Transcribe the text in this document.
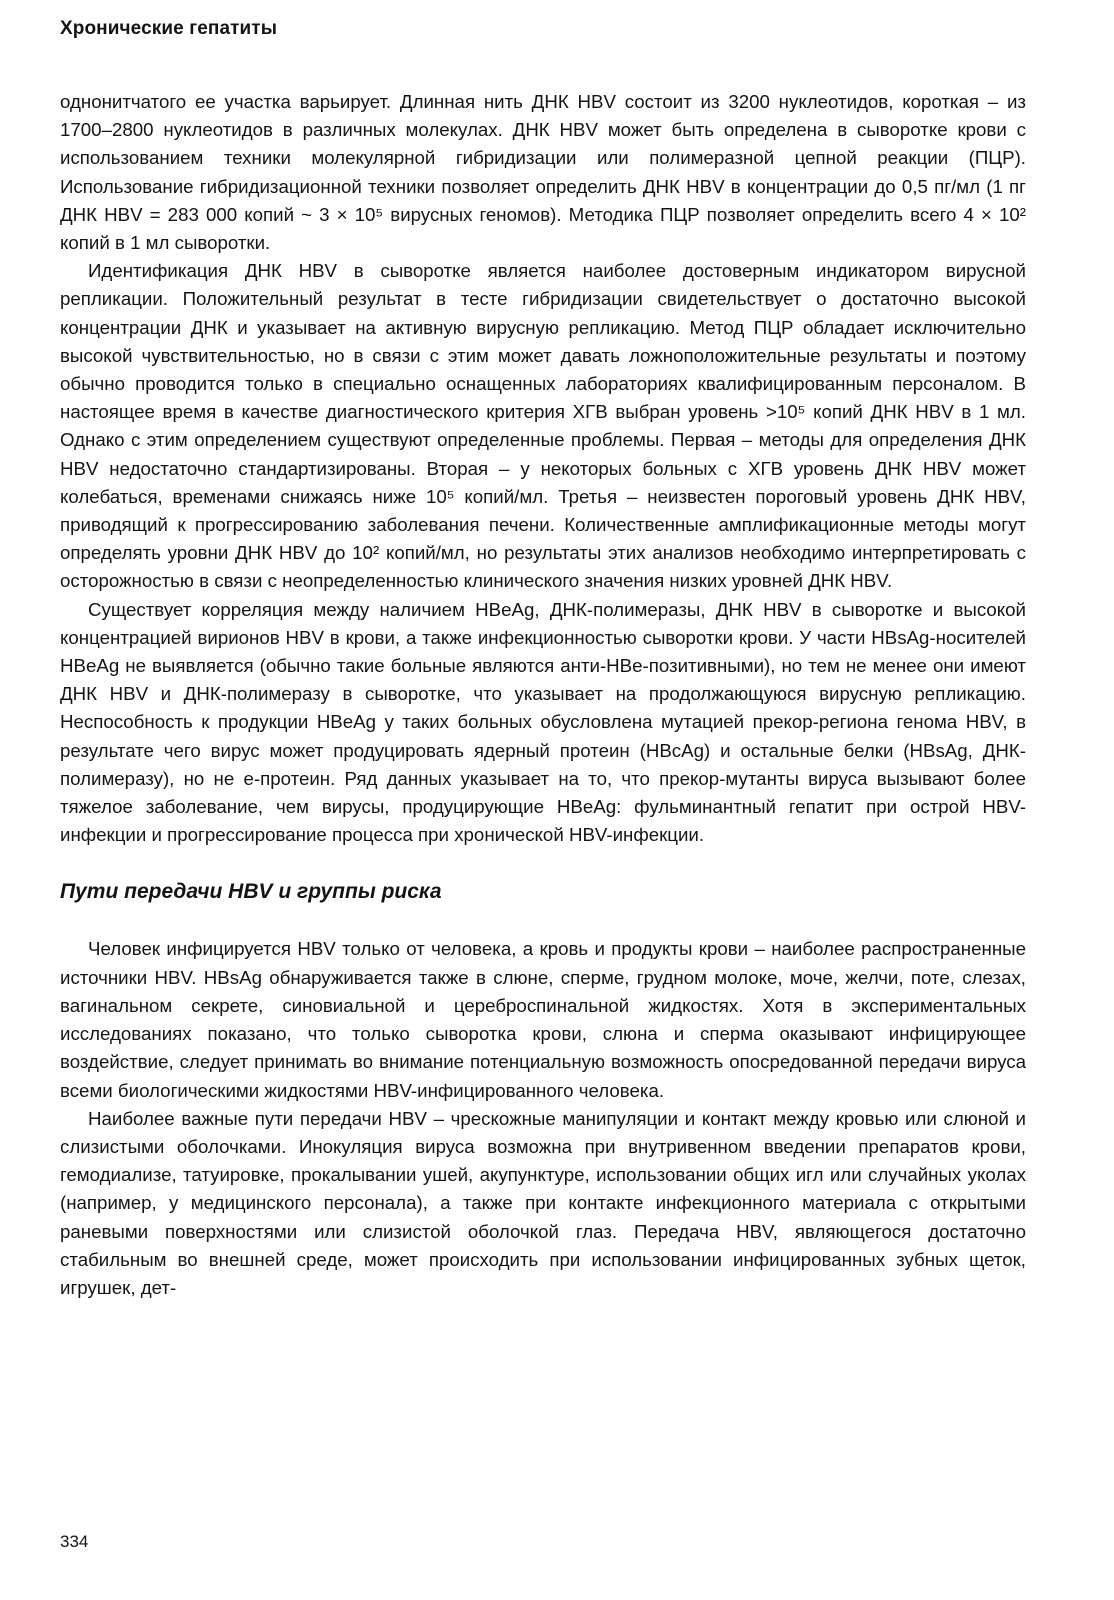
Хронические гепатиты

однонитчатого ее участка варьирует. Длинная нить ДНК HBV состоит из 3200 нуклеотидов, короткая – из 1700–2800 нуклеотидов в различных молекулах. ДНК HBV может быть определена в сыворотке крови с использованием техники молекулярной гибридизации или полимеразной цепной реакции (ПЦР). Использование гибридизационной техники позволяет определить ДНК HBV в концентрации до 0,5 пг/мл (1 пг ДНК HBV = 283 000 копий ~ 3 × 10⁵ вирусных геномов). Методика ПЦР позволяет определить всего 4 × 10² копий в 1 мл сыворотки.

Идентификация ДНК HBV в сыворотке является наиболее достоверным индикатором вирусной репликации. Положительный результат в тесте гибридизации свидетельствует о достаточно высокой концентрации ДНК и указывает на активную вирусную репликацию. Метод ПЦР обладает исключительно высокой чувствительностью, но в связи с этим может давать ложноположительные результаты и поэтому обычно проводится только в специально оснащенных лабораториях квалифицированным персоналом. В настоящее время в качестве диагностического критерия ХГВ выбран уровень >10⁵ копий ДНК HBV в 1 мл. Однако с этим определением существуют определенные проблемы. Первая – методы для определения ДНК HBV недостаточно стандартизированы. Вторая – у некоторых больных с ХГВ уровень ДНК HBV может колебаться, временами снижаясь ниже 10⁵ копий/мл. Третья – неизвестен пороговый уровень ДНК HBV, приводящий к прогрессированию заболевания печени. Количественные амплификационные методы могут определять уровни ДНК HBV до 10² копий/мл, но результаты этих анализов необходимо интерпретировать с осторожностью в связи с неопределенностью клинического значения низких уровней ДНК HBV.

Существует корреляция между наличием HBeAg, ДНК-полимеразы, ДНК HBV в сыворотке и высокой концентрацией вирионов HBV в крови, а также инфекционностью сыворотки крови. У части HBsAg-носителей HBeAg не выявляется (обычно такие больные являются анти-HBe-позитивными), но тем не менее они имеют ДНК HBV и ДНК-полимеразу в сыворотке, что указывает на продолжающуюся вирусную репликацию. Неспособность к продукции HBeAg у таких больных обусловлена мутацией прекор-региона генома HBV, в результате чего вирус может продуцировать ядерный протеин (HBcAg) и остальные белки (HBsAg, ДНК-полимеразу), но не е-протеин. Ряд данных указывает на то, что прекор-мутанты вируса вызывают более тяжелое заболевание, чем вирусы, продуцирующие HBeAg: фульминантный гепатит при острой HBV-инфекции и прогрессирование процесса при хронической HBV-инфекции.

Пути передачи HBV и группы риска

Человек инфицируется HBV только от человека, а кровь и продукты крови – наиболее распространенные источники HBV. HBsAg обнаруживается также в слюне, сперме, грудном молоке, моче, желчи, поте, слезах, вагинальном секрете, синовиальной и цереброспинальной жидкостях. Хотя в экспериментальных исследованиях показано, что только сыворотка крови, слюна и сперма оказывают инфицирующее воздействие, следует принимать во внимание потенциальную возможность опосредованной передачи вируса всеми биологическими жидкостями HBV-инфицированного человека.

Наиболее важные пути передачи HBV – чрескожные манипуляции и контакт между кровью или слюной и слизистыми оболочками. Инокуляция вируса возможна при внутривенном введении препаратов крови, гемодиализе, татуировке, прокалывании ушей, акупунктуре, использовании общих игл или случайных уколах (например, у медицинского персонала), а также при контакте инфекционного материала с открытыми раневыми поверхностями или слизистой оболочкой глаз. Передача HBV, являющегося достаточно стабильным во внешней среде, может происходить при использовании инфицированных зубных щеток, игрушек, дет-

334
